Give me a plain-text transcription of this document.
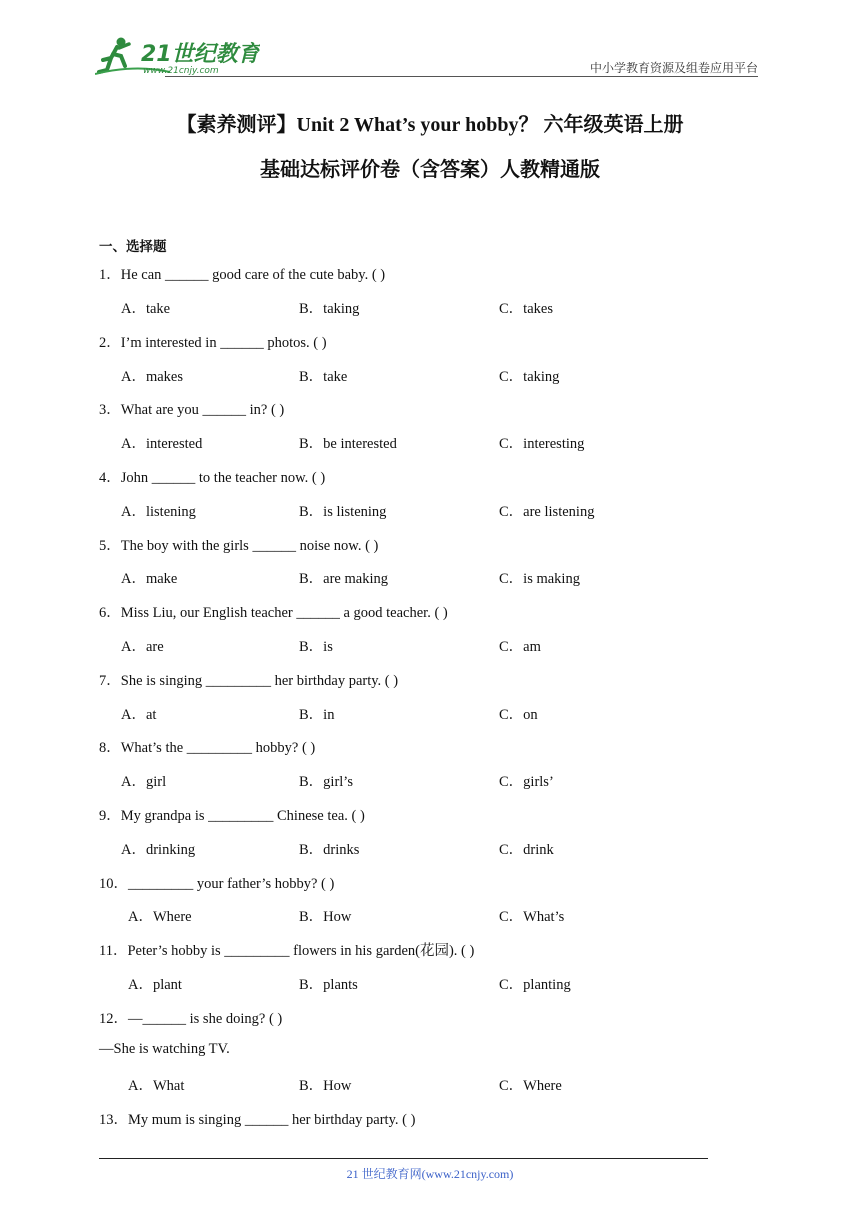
21世纪教育
www.21cnjy.com	中小学教育资源及组卷应用平台
【素养测评】Unit 2 What’s your hobby？ 六年级英语上册
基础达标评价卷（含答案）人教精通版
一、选择题
1．He can ______ good care of the cute baby. ( )
A．take	B．taking	C．takes
2．I’m interested in ______ photos. ( )
A．makes	B．take	C．taking
3．What are you ______ in? ( )
A．interested	B．be interested	C．interesting
4．John ______ to the teacher now. ( )
A．listening	B．is listening	C．are listening
5．The boy with the girls ______ noise now. ( )
A．make	B．are making	C．is making
6．Miss Liu, our English teacher ______ a good teacher. ( )
A．are	B．is	C．am
7．She is singing _________ her birthday party. ( )
A．at	B．in	C．on
8．What’s the _________ hobby? ( )
A．girl	B．girl’s	C．girls’
9．My grandpa is _________ Chinese tea. ( )
A．drinking	B．drinks	C．drink
10．_________ your father’s hobby? ( )
A．Where	B．How	C．What’s
11．Peter’s hobby is _________ flowers in his garden(花园). ( )
A．plant	B．plants	C．planting
12．—______ is she doing? ( )
—She is watching TV.
A．What	B．How	C．Where
13．My mum is singing ______ her birthday party. ( )
21 世纪教育网(www.21cnjy.com)
